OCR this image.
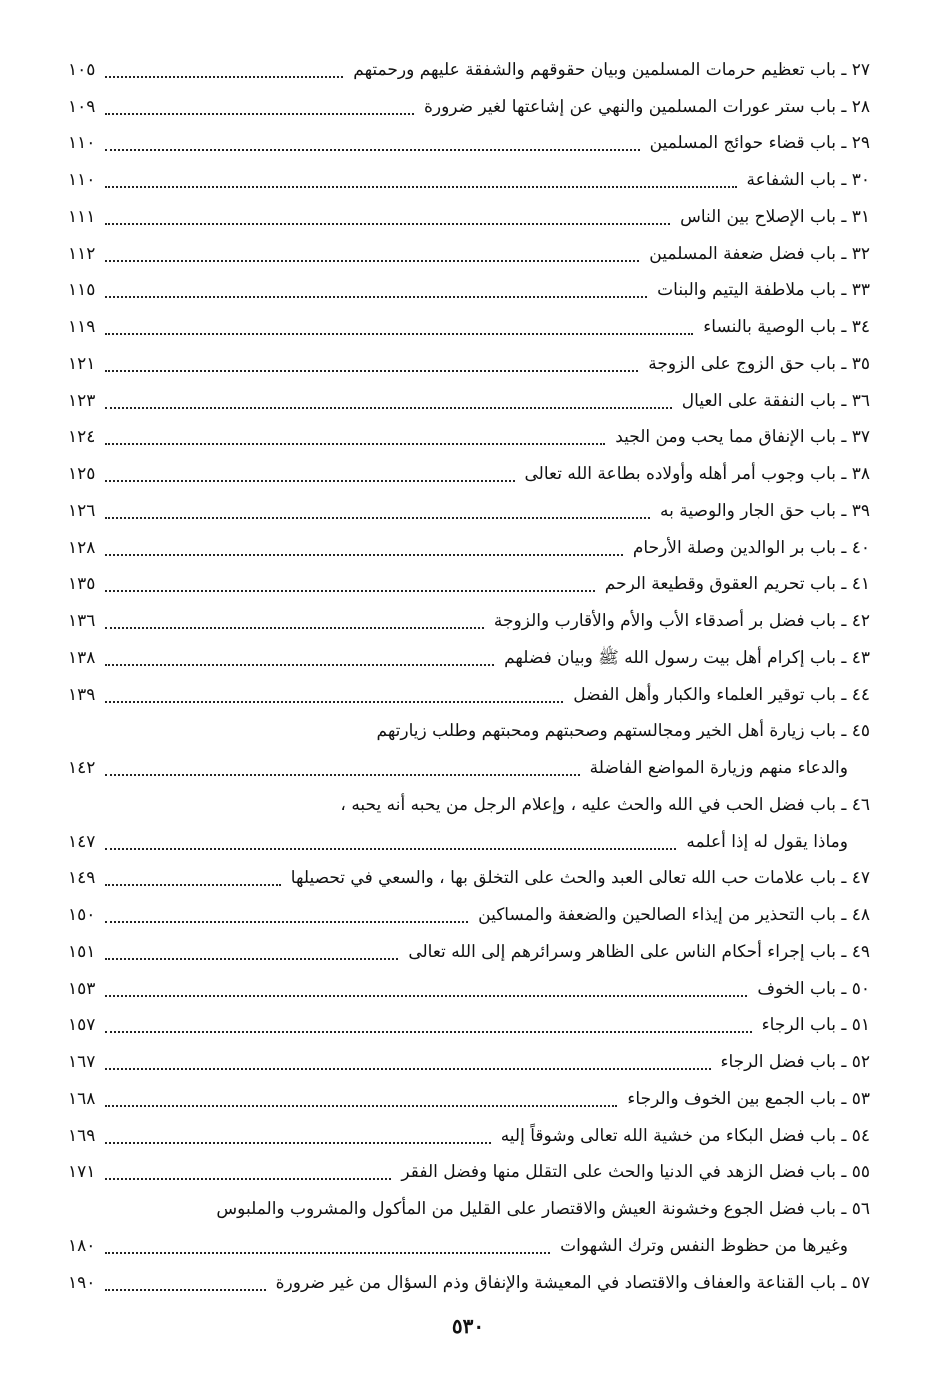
٢٧ ـ باب تعظيم حرمات المسلمين وبيان حقوقهم والشفقة عليهم ورحمتهم
١٠٥
٢٨ ـ باب ستر عورات المسلمين والنهي عن إشاعتها لغير ضرورة
١٠٩
٢٩ ـ باب قضاء حوائج المسلمين
١١٠
٣٠ ـ باب الشفاعة
١١٠
٣١ ـ باب الإصلاح بين الناس
١١١
٣٢ ـ باب فضل ضعفة المسلمين
١١٢
٣٣ ـ باب ملاطفة اليتيم والبنات
١١٥
٣٤ ـ باب الوصية بالنساء
١١٩
٣٥ ـ باب حق الزوج على الزوجة
١٢١
٣٦ ـ باب النفقة على العيال
١٢٣
٣٧ ـ باب الإنفاق مما يحب ومن الجيد
١٢٤
٣٨ ـ باب وجوب أمر أهله وأولاده بطاعة الله تعالى
١٢٥
٣٩ ـ باب حق الجار والوصية به
١٢٦
٤٠ ـ باب بر الوالدين وصلة الأرحام
١٢٨
٤١ ـ باب تحريم العقوق وقطيعة الرحم
١٣٥
٤٢ ـ باب فضل بر أصدقاء الأب والأم والأقارب والزوجة
١٣٦
٤٣ ـ باب إكرام أهل بيت رسول الله ﷺ وبيان فضلهم
١٣٨
٤٤ ـ باب توقير العلماء والكبار وأهل الفضل
١٣٩
٤٥ ـ باب زيارة أهل الخير ومجالستهم وصحبتهم ومحبتهم وطلب زيارتهم
والدعاء منهم وزيارة المواضع الفاضلة
١٤٢
٤٦ ـ باب فضل الحب في الله والحث عليه ، وإعلام الرجل من يحبه أنه يحبه ،
وماذا يقول له إذا أعلمه
١٤٧
٤٧ ـ باب علامات حب الله تعالى العبد والحث على التخلق بها ، والسعي في تحصيلها
١٤٩
٤٨ ـ باب التحذير من إيذاء الصالحين والضعفة والمساكين
١٥٠
٤٩ ـ باب إجراء أحكام الناس على الظاهر وسرائرهم إلى الله تعالى
١٥١
٥٠ ـ باب الخوف
١٥٣
٥١ ـ باب الرجاء
١٥٧
٥٢ ـ باب فضل الرجاء
١٦٧
٥٣ ـ باب الجمع بين الخوف والرجاء
١٦٨
٥٤ ـ باب فضل البكاء من خشية الله تعالى وشوقاً إليه
١٦٩
٥٥ ـ باب فضل الزهد في الدنيا والحث على التقلل منها وفضل الفقر
١٧١
٥٦ ـ باب فضل الجوع وخشونة العيش والاقتصار على القليل من المأكول والمشروب والملبوس
وغيرها من حظوظ النفس وترك الشهوات
١٨٠
٥٧ ـ باب القناعة والعفاف والاقتصاد في المعيشة والإنفاق وذم السؤال من غير ضرورة
١٩٠
٥٣٠
